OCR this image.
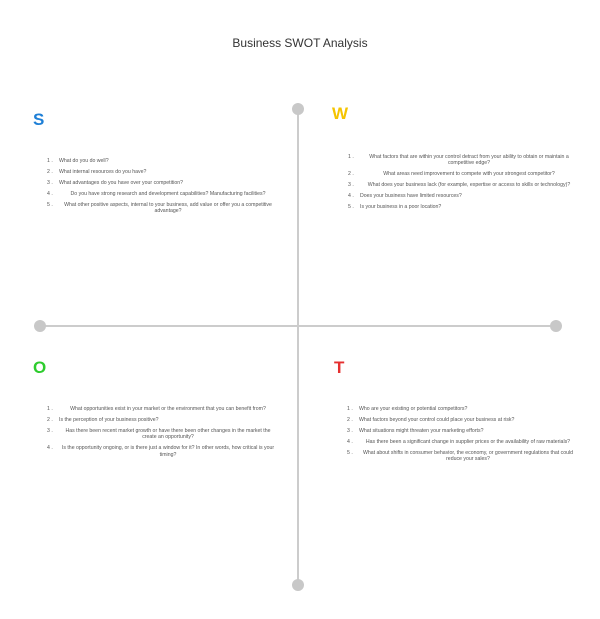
Business SWOT Analysis
S	W
O	T
1 . What do you do well?
2 . What internal resources do you have?
3 . What advantages do you have over your competition?
4 .	Do you have strong research and development capabilities? Manufacturing facilities?
5 .	What other positive aspects, internal to your business, add value or offer you a competitive advantage?
1 .	What factors that are within your control detract from your ability to obtain or maintain a competitive edge?
2 .	What areas need improvement to compete with your strongest competitor?
3 .	What does your business lack (for example, expertise or access to skills or technology)?
4 . Does your business have limited resources?
5 . Is your business in a poor location?
1 .	What opportunities exist in your market or the environment that you can benefit from?
2 . Is the perception of your business positive?
3 .	Has there been recent market growth or have there been other changes in the market the create an opportunity?
4 .	Is the opportunity ongoing, or is there just a window for it? In other words, how critical is your timing?
1 . Who are your existing or potential competitors?
2 . What factors beyond your control could place your business at risk?
3 . What situations might threaten your marketing efforts?
4 .	Has there been a significant change in supplier prices or the availability of raw materials?
5 .	What about shifts in consumer behavior, the economy, or government regulations that could reduce your sales?
